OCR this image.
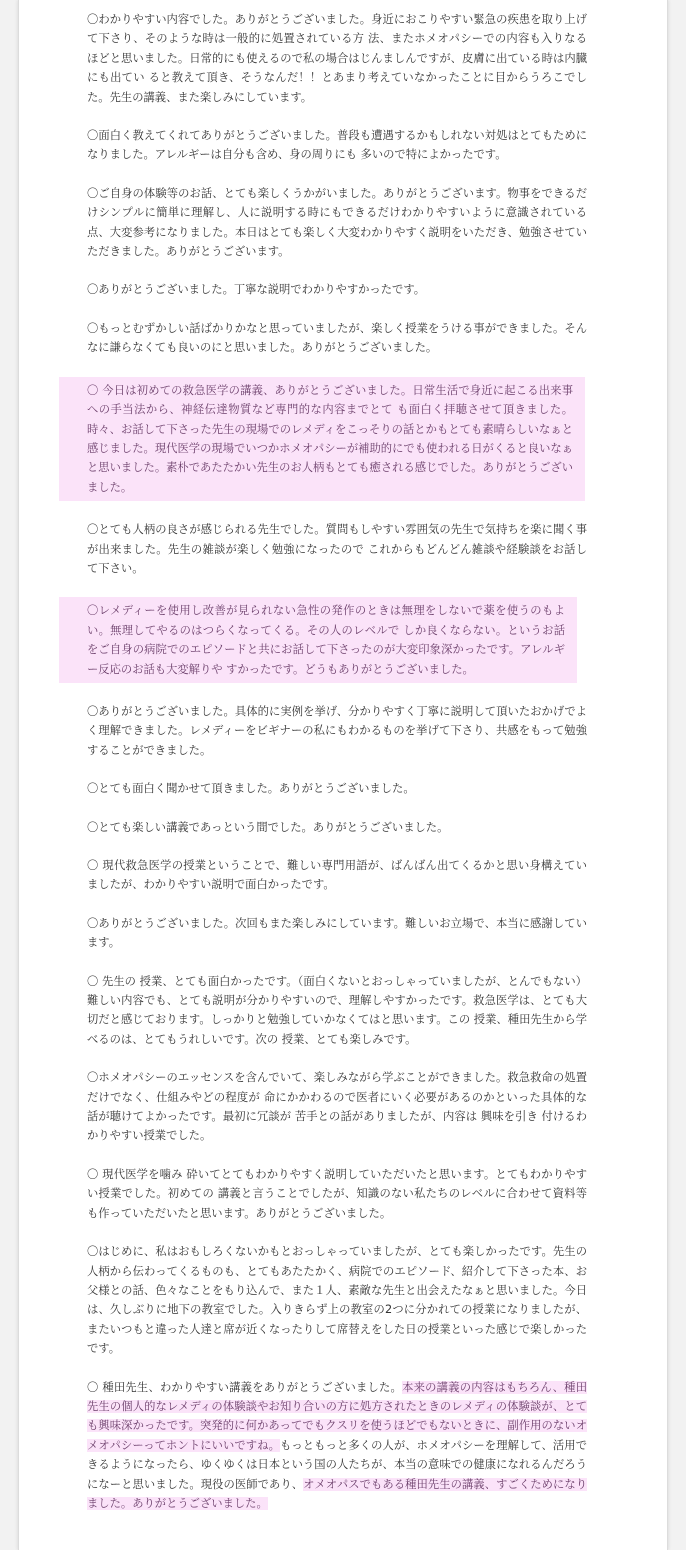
〇わかりやすい内容でした。ありがとうございました。身近におこりやすい緊急の疾患を取り上げて下さり、そのような時は一般的に処置されている方 法、またホメオパシーでの内容も入りなるほどと思いました。日常的にも使えるので私の場合はじんましんですが、皮膚に出ている時は内臓にも出てい ると教えて頂き、そうなんだ！！とあまり考えていなかったことに目からうろこでした。先生の講義、また楽しみにしています。

〇面白く教えてくれてありがとうございました。普段も遭遇するかもしれない対処はとてもためになりました。アレルギーは自分も含め、身の周りにも 多いので特によかったです。

〇ご自身の体験等のお話、とても楽しくうかがいました。ありがとうございます。物事をできるだけシンプルに簡単に理解し、人に説明する時にもできるだけわかりやすいように意識されている点、大変参考になりました。本日はとても楽しく大変わかりやすく説明をいただき、勉強させていただきました。ありがとうございます。

〇ありがとうございました。丁寧な説明でわかりやすかったです。

〇もっとむずかしい話ばかりかなと思っていましたが、楽しく授業をうける事ができました。そんなに謙らなくても良いのにと思いました。ありがとうございました。

〇 今日は初めての救急医学の講義、ありがとうございました。日常生活で身近に起こる出来事への手当法から、神経伝達物質など専門的な内容までとて も面白く拝聴させて頂きました。時々、お話して下さった先生の現場でのレメディをこっそりの話とかもとても素晴らしいなぁと感じました。現代医学の現場でいつかホメオパシーが補助的にでも使われる日がくると良いなぁと思いました。素朴であたたかい先生のお人柄もとても癒される感じでした。ありがとうございました。

〇とても人柄の良さが感じられる先生でした。質問もしやすい雰囲気の先生で気持ちを楽に聞く事が出来ました。先生の雑談が楽しく勉強になったので これからもどんどん雑談や経験談をお話して下さい。

〇レメディーを使用し改善が見られない急性の発作のときは無理をしないで薬を使うのもよい。無理してやるのはつらくなってくる。その人のレベルで しか良くならない。というお話をご自身の病院でのエピソードと共にお話して下さったのが大変印象深かったです。アレルギー反応のお話も大変解りや すかったです。どうもありがとうございました。

〇ありがとうございました。具体的に実例を挙げ、分かりやすく丁寧に説明して頂いたおかげでよく理解できました。レメディーをビギナーの私にもわかるものを挙げて下さり、共感をもって勉強することができました。

〇とても面白く聞かせて頂きました。ありがとうございました。

〇とても楽しい講義であっという間でした。ありがとうございました。

〇 現代救急医学の授業ということで、難しい専門用語が、ばんばん出てくるかと思い身構えていましたが、わかりやすい説明で面白かったです。

〇ありがとうございました。次回もまた楽しみにしています。難しいお立場で、本当に感謝しています。

〇 先生の 授業、とても面白かったです。（面白くないとおっしゃっていましたが、とんでもない）難しい内容でも、とても説明が分かりやすいので、理解しやすかったです。救急医学は、とても大切だと感じております。しっかりと勉強していかなくてはと思います。この 授業、種田先生から学べるのは、とてもうれしいです。次の 授業、とても楽しみです。

〇ホメオパシーのエッセンスを含んでいて、楽しみながら学ぶことができました。救急救命の処置だけでなく、仕組みやどの程度が 命にかかわるので医者にいく必要があるのかといった具体的な話が聴けてよかったです。最初に冗談が 苦手との話がありましたが、内容は 興味を引き 付けるわかりやすい授業でした。

〇 現代医学を噛み 砕いてとてもわかりやすく説明していただいたと思います。とてもわかりやすい授業でした。初めての 講義と言うことでしたが、知識のない私たちのレベルに合わせて資料等も作っていただいたと思います。ありがとうございました。

〇はじめに、私はおもしろくないかもとおっしゃっていましたが、とても楽しかったです。先生の人柄から伝わってくるものも、とてもあたたかく、病院でのエピソード、紹介して下さった本、お父様との話、色々なことをもり込んで、また１人、素敵な先生と出会えたなぁと思いました。今日は、久しぶりに地下の教室でした。入りきらず上の教室の2つに分かれての授業になりましたが、またいつもと違った人達と席が近くなったりして席替えをした日の授業といった感じで楽しかったです。

〇 種田先生、わかりやすい講義をありがとうございました。本来の講義の内容はもちろん、種田先生の個人的なレメディの体験談やお知り合いの方に処方されたときのレメディの体験談が、とても興味深かったです。突発的に何かあってでもクスリを使うほどでもないときに、副作用のないオメオパシーってホントにいいですね。もっともっと多くの人が、ホメオパシーを理解して、活用できるようになったら、ゆくゆくは日本という国の人たちが、本当の意味での健康になれるんだろうになーと思いました。現役の医師であり、オメオパスでもある種田先生の講義、すごくためになりました。ありがとうございました。
